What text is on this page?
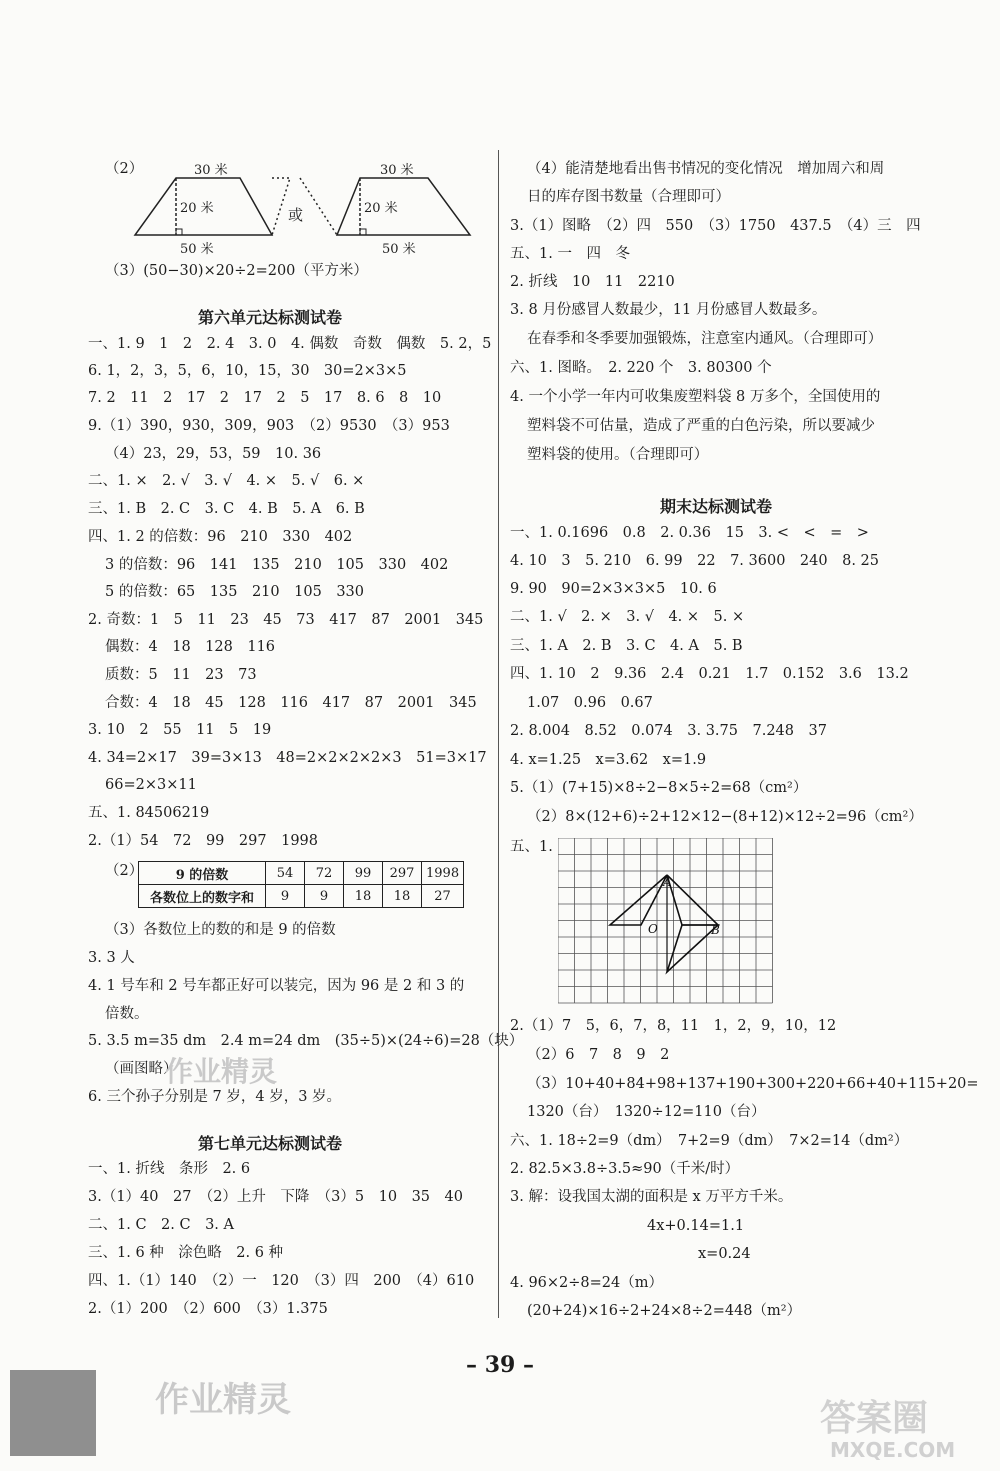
（2）	30 米
20 米
50 米
或
30 米
20 米
50 米
（3）(50−30)×20÷2=200（平方米）
第六单元达标测试卷
一、1. 9　1　2　2. 4　3. 0　4. 偶数　奇数　偶数　5. 2，5
6. 1，2，3，5，6，10，15，30　30=2×3×5
7. 2　11　2　17　2　17　2　5　17　8. 6　8　10
9.（1）390，930，309，903　（2）9530　（3）953
（4）23，29，53，59　10. 36
二、1. ×　2. √　3. √　4. ×　5. √　6. ×
三、1. B　2. C　3. C　4. B　5. A　6. B
四、1. 2 的倍数：96　210　330　402
3 的倍数：96　141　135　210　105　330　402
5 的倍数：65　135　210　105　330
2. 奇数：1　5　11　23　45　73　417　87　2001　345
偶数：4　18　128　116
质数：5　11　23　73
合数：4　18　45　128　116　417　87　2001　345
3. 10　2　55　11　5　19
4. 34=2×17　39=3×13　48=2×2×2×2×3　51=3×17
66=2×3×11
五、1. 84506219
2.（1）54　72　99　297　1998
（2） 9 的倍数	54	72	99	297	1998
各数位上的数字和	9	9	18	18	27
（3）各数位上的数的和是 9 的倍数
3. 3 人
4. 1 号车和 2 号车都正好可以装完，因为 96 是 2 和 3 的
倍数。
5. 3.5 m=35 dm　2.4 m=24 dm　(35÷5)×(24÷6)=28（块）
（画图略）
6. 三个孙子分别是 7 岁，4 岁，3 岁。
第七单元达标测试卷
一、1. 折线　条形　2. 6
3.（1）40　27　（2）上升　下降　（3）5　10　35　40
二、1. C　2. C　3. A
三、1. 6 种　涂色略　2. 6 种
四、1.（1）140　（2）一　120　（3）四　200　（4）610
2.（1）200　（2）600　（3）1.375
（4）能清楚地看出售书情况的变化情况　增加周六和周
日的库存图书数量（合理即可）
3.（1）图略　（2）四　550　（3）1750　437.5　（4）三　四
五、1. 一　四　冬
2. 折线　10　11　2210
3. 8 月份感冒人数最少，11 月份感冒人数最多。
在春季和冬季要加强锻炼，注意室内通风。（合理即可）
六、1. 图略。　2. 220 个　3. 80300 个
4. 一个小学一年内可收集废塑料袋 8 万多个，全国使用的
塑料袋不可估量，造成了严重的白色污染，所以要减少
塑料袋的使用。（合理即可）
期末达标测试卷
一、1. 0.1696　0.8　2. 0.36　15　3. <　<　=　>
4. 10　3　5. 210　6. 99　22　7. 3600　240　8. 25
9. 90　90=2×3×3×5　10. 6
二、1. √　2. ×　3. √　4. ×　5. ×
三、1. A　2. B　3. C　4. A　5. B
四、1. 10　2　9.36　2.4　0.21　1.7　0.152　3.6　13.2
1.07　0.96　0.67
2. 8.004　8.52　0.074　3. 3.75　7.248　37
4. x=1.25　x=3.62　x=1.9
5.（1）(7+15)×8÷2−8×5÷2=68（cm²）
（2）8×(12+6)÷2+12×12−(8+12)×12÷2=96（cm²）
五、1.
A
O	B
2.（1）7　5，6，7，8，11　1，2，9，10，12
（2）6　7　8　9　2
（3）10+40+84+98+137+190+300+220+66+40+115+20=
1320（台）　1320÷12=110（台）
六、1. 18÷2=9（dm）　7+2=9（dm）　7×2=14（dm²）
2. 82.5×3.8÷3.5≈90（千米/时）
3. 解：设我国太湖的面积是 x 万平方千米。
4x+0.14=1.1
x=0.24
4. 96×2÷8=24（m）
(20+24)×16÷2+24×8÷2=448（m²）
– 39 –
作业精灵
作业精灵	答案圈
MXQE.COM
